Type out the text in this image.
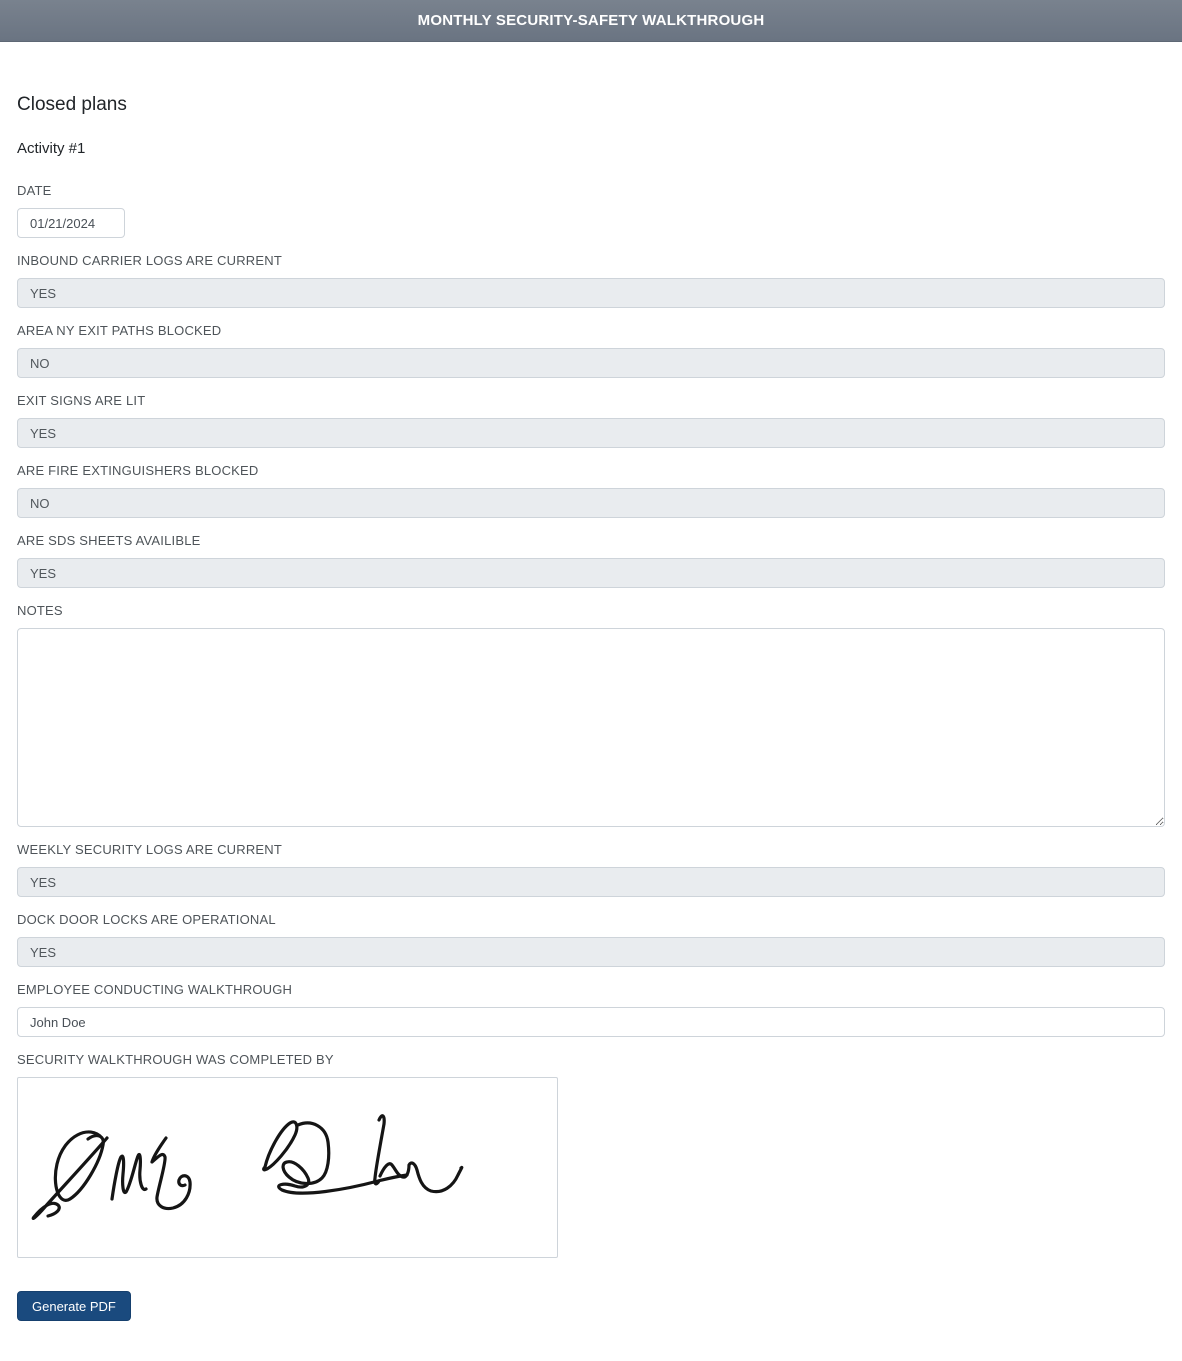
MONTHLY SECURITY-SAFETY WALKTHROUGH
Closed plans
Activity #1
DATE
01/21/2024
INBOUND CARRIER LOGS ARE CURRENT
YES
AREA NY EXIT PATHS BLOCKED
NO
EXIT SIGNS ARE LIT
YES
ARE FIRE EXTINGUISHERS BLOCKED
NO
ARE SDS SHEETS AVAILIBLE
YES
NOTES
WEEKLY SECURITY LOGS ARE CURRENT
YES
DOCK DOOR LOCKS ARE OPERATIONAL
YES
EMPLOYEE CONDUCTING WALKTHROUGH
John Doe
SECURITY WALKTHROUGH WAS COMPLETED BY
Generate PDF
